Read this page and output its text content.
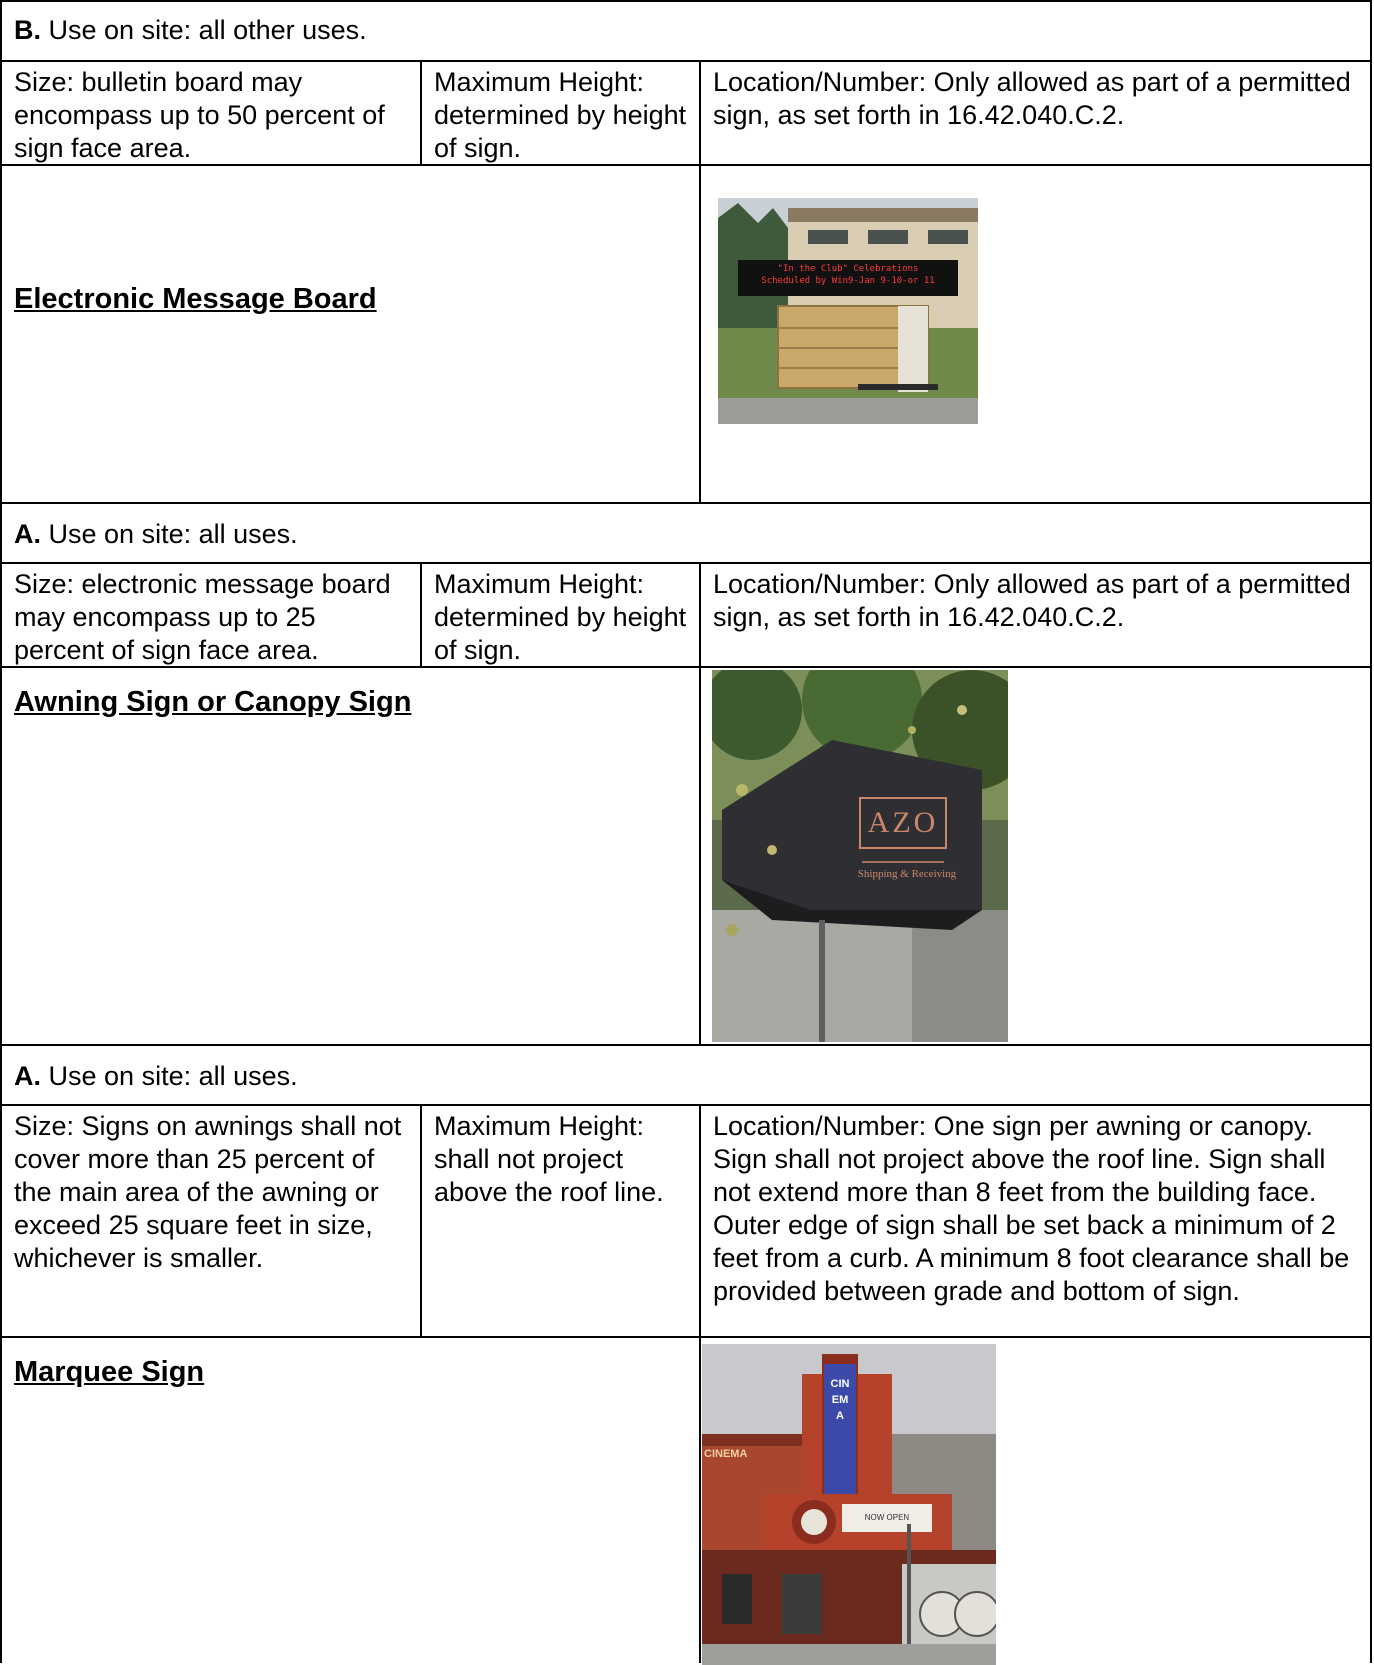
B. Use on site: all other uses.
Size: bulletin board may encompass up to 50 percent of sign face area.
Maximum Height: determined by height of sign.
Location/Number: Only allowed as part of a permitted sign, as set forth in 16.42.040.C.2.
Electronic Message Board
"In the Club" Celebrations
Scheduled by Win9-Jan 9-10-or 11
A. Use on site: all uses.
Size: electronic message board may encompass up to 25 percent of sign face area.
Maximum Height: determined by height of sign.
Location/Number: Only allowed as part of a permitted sign, as set forth in 16.42.040.C.2.
Awning Sign or Canopy Sign
AZO
Shipping & Receiving
A. Use on site: all uses.
Size: Signs on awnings shall not cover more than 25 percent of the main area of the awning or exceed 25 square feet in size, whichever is smaller.
Maximum Height: shall not project above the roof line.
Location/Number: One sign per awning or canopy. Sign shall not project above the roof line. Sign shall not extend more than 8 feet from the building face. Outer edge of sign shall be set back a minimum of 2 feet from a curb. A minimum 8 foot clearance shall be provided between grade and bottom of sign.
Marquee Sign	CINEMA
CINEMA
NOW OPEN
